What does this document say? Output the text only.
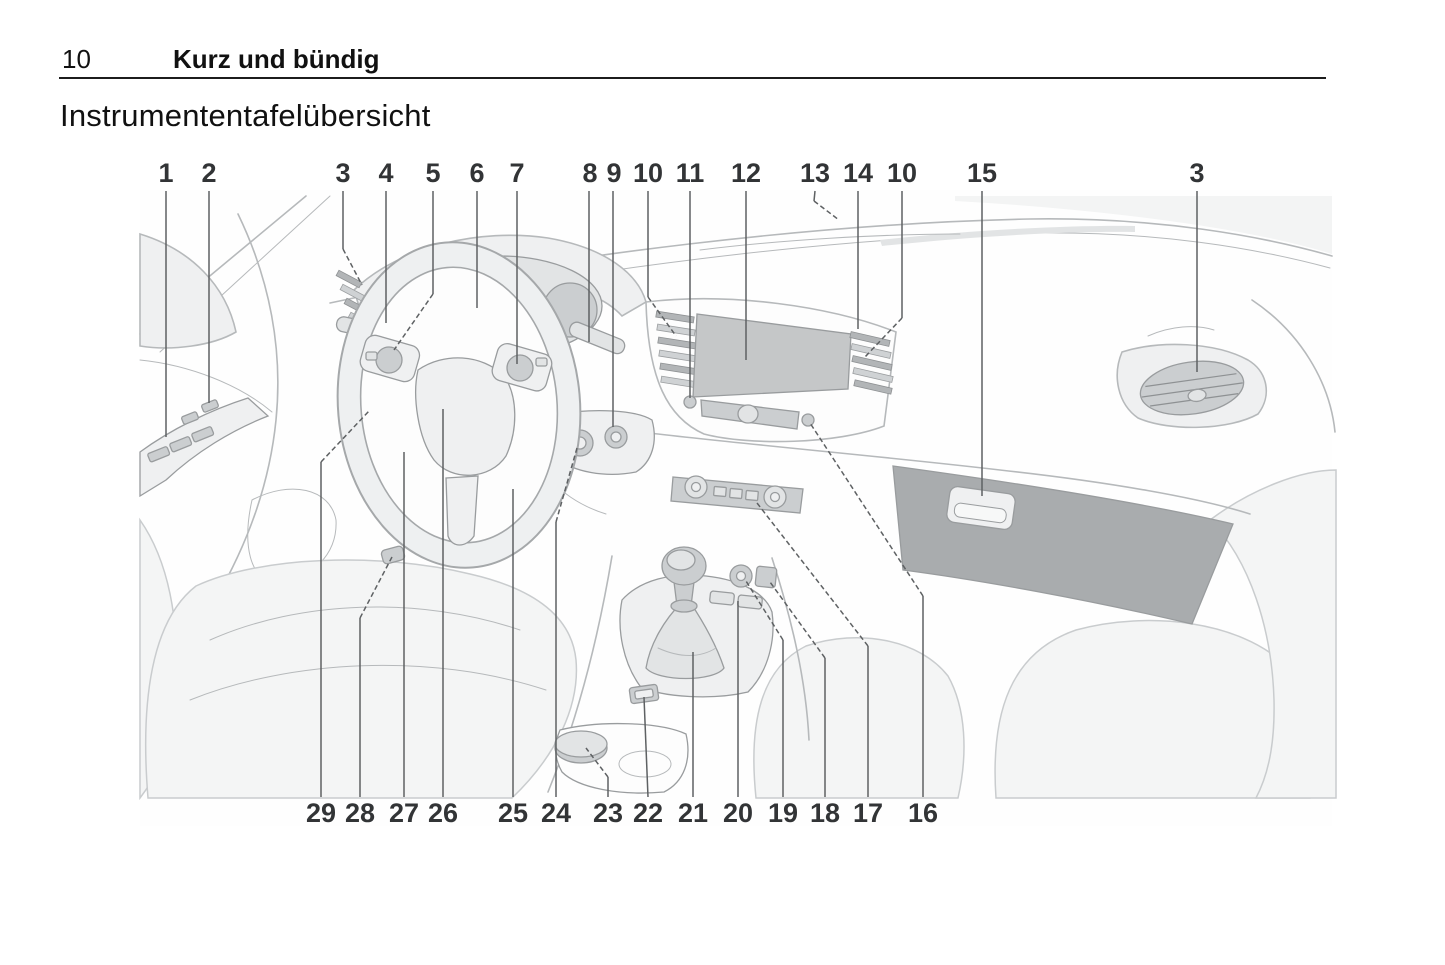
10	Kurz und bündig
Instrumententafelübersicht
1 2	3 4 5 6 7 8 9 10 11 12 13 14 10 15	3
29 28 27 26 25 24 23 22 21 20 19 18 17 16
